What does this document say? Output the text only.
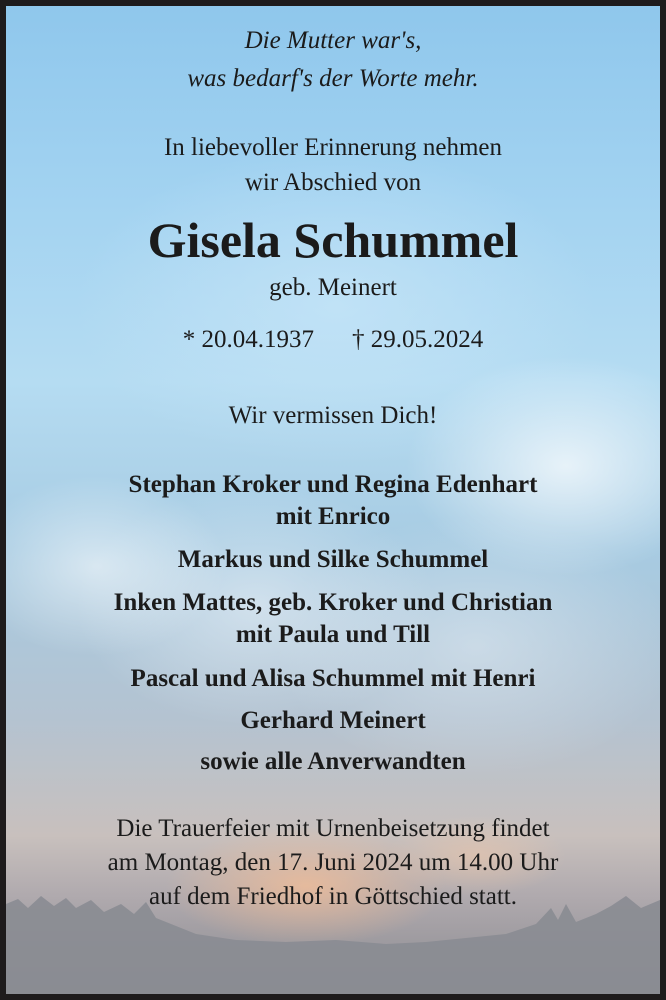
Die Mutter war's,
was bedarf's der Worte mehr.
In liebevoller Erinnerung nehmen
wir Abschied von
Gisela Schummel
geb. Meinert
* 20.04.1937 † 29.05.2024
Wir vermissen Dich!
Stephan Kroker und Regina Edenhart
mit Enrico
Markus und Silke Schummel
Inken Mattes, geb. Kroker und Christian
mit Paula und Till
Pascal und Alisa Schummel mit Henri
Gerhard Meinert
sowie alle Anverwandten
Die Trauerfeier mit Urnenbeisetzung findet
am Montag, den 17. Juni 2024 um 14.00 Uhr
auf dem Friedhof in Göttschied statt.
